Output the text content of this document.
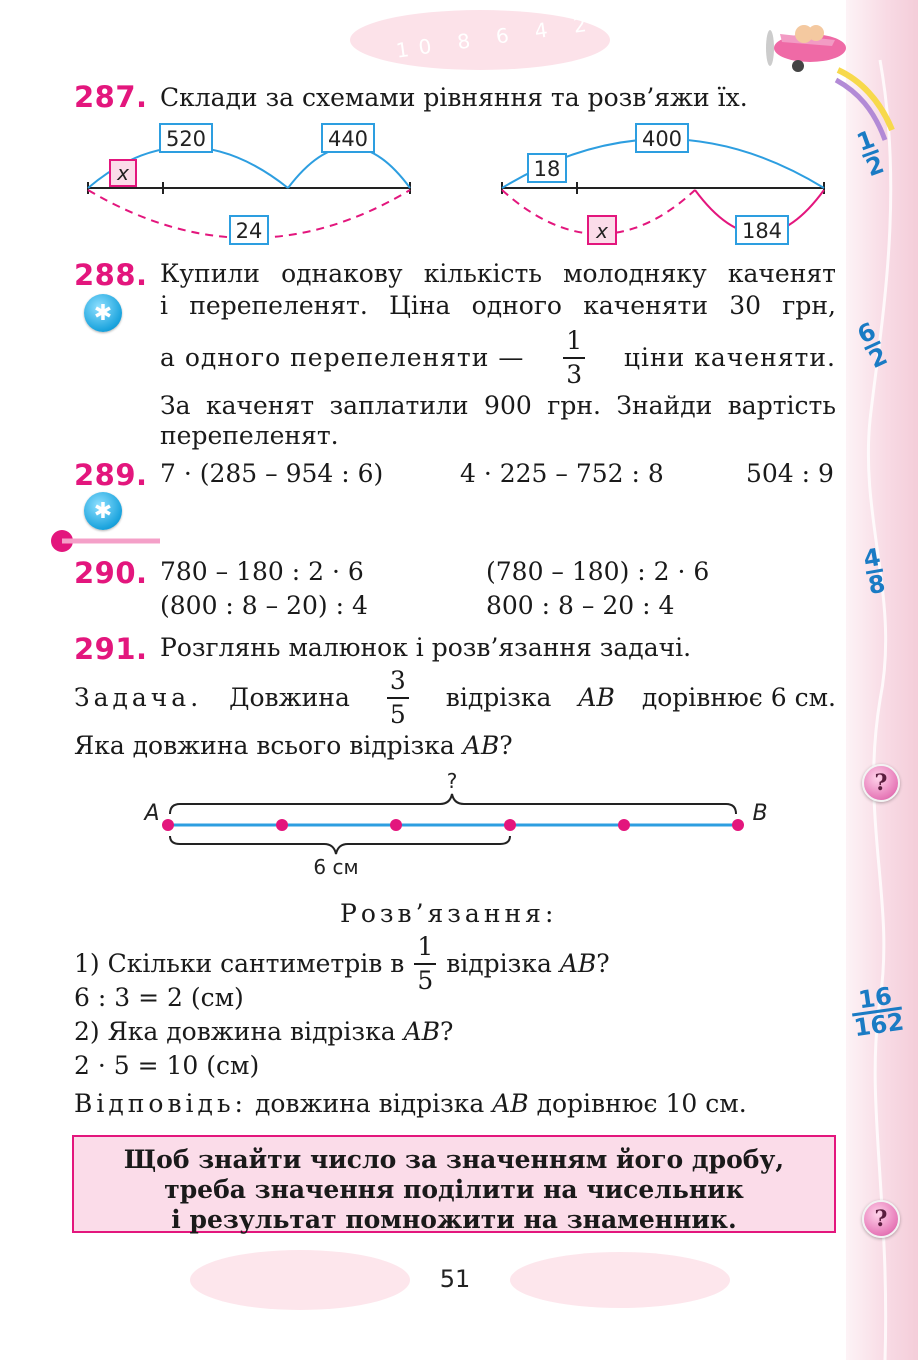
10 8 6 4 2 1
1
2
6
2
4
8
16
162
?
?
287. Склади за схемами рівняння та розв’яжи їх.
520	440
x
24
400
18
x	184
288.
✱
Купили однакову кількість молодняку каченят
і перепеленят. Ціна одного каченяти 30 грн,
а одного перепеленяти — $\frac{1}{3}$ ціни каченяти.
За каченят заплатили 900 грн. Знайди вартість
перепеленят.
289.
✱
7 · (285 – 954 : 6)	4 · 225 – 752 : 8	504 : 9
290. 780 – 180 : 2 · 6	(780 – 180) : 2 · 6
(800 : 8 – 20) : 4	800 : 8 – 20 : 4
291. Розглянь малюнок і розв’язання задачі.
Задача. Довжина $\frac{3}{5}$ відрізка AB дорівнює 6 см.
Яка довжина всього відрізка AB?
A	B
?
6 см
Розв’язання:
1) Скільки сантиметрів в $\frac{1}{5}$ відрізка
AB ?
6 : 3 = 2 (см)
2) Яка довжина відрізка AB?
2 · 5 = 10 (см)
Відповідь: довжина відрізка AB дорівнює 10 см.
Щоб знайти число за значенням його дробу,
треба значення поділити на чисельник
і результат помножити на знаменник.
51
